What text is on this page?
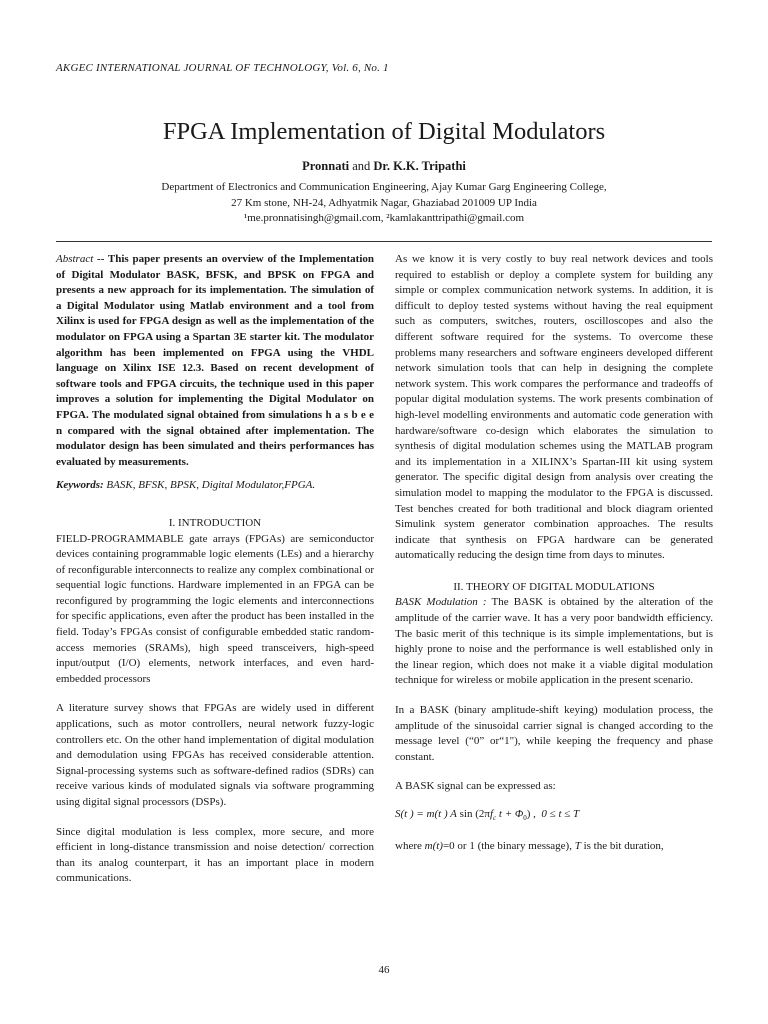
AKGEC INTERNATIONAL JOURNAL OF TECHNOLOGY, Vol. 6, No. 1
FPGA Implementation of Digital Modulators
Pronnati and Dr. K.K. Tripathi
Department of Electronics and Communication Engineering, Ajay Kumar Garg Engineering College,
27 Km stone, NH-24, Adhyatmik Nagar, Ghaziabad 201009 UP India
¹me.pronnatisingh@gmail.com, ²kamlakanttripathi@gmail.com

Abstract -- This paper presents an overview of the Implementation of Digital Modulator BASK, BFSK, and BPSK on FPGA and presents a new approach for its implementation. The simulation of a Digital Modulator using Matlab environment and a tool from Xilinx is used for FPGA design as well as the implementation of the modulator on FPGA using a Spartan 3E starter kit. The modulator algorithm has been implemented on FPGA using the VHDL language on Xilinx ISE 12.3. Based on recent development of software tools and FPGA circuits, the technique used in this paper improves a solution for implementing the Digital Modulator on FPGA. The modulated signal obtained from simulations h a s b e e n compared with the signal obtained after implementation. The modulator design has been simulated and theirs performances has evaluated by measurements.

Keywords: BASK, BFSK, BPSK, Digital Modulator,FPGA.

I. INTRODUCTION

FIELD-PROGRAMMABLE gate arrays (FPGAs) are semiconductor devices containing programmable logic elements (LEs) and a hierarchy of reconfigurable interconnects to realize any complex combinational or sequential logic functions. Hardware implemented in an FPGA can be reconfigured by programming the logic elements and interconnections for specific applications, even after the product has been installed in the field. Today’s FPGAs consist of configurable embedded static random-access memories (SRAMs), high speed transceivers, high-speed input/output (I/O) elements, network interfaces, and even hard-embedded processors

A literature survey shows that FPGAs are widely used in different applications, such as motor controllers, neural network fuzzy-logic controllers etc. On the other hand implementation of digital modulation and demodulation using FPGAs has received considerable attention. Signal-processing systems such as software-defined radios (SDRs) can receive various kinds of modulated signals via software programming using digital signal processors (DSPs).

Since digital modulation is less complex, more secure, and more efficient in long-distance transmission and noise detection/ correction than its analog counterpart, it has an important place in modern communications.

As we know it is very costly to buy real network devices and tools required to establish or deploy a complete system for building any simple or complex communication network systems. In addition, it is difficult to deploy tested systems without having the real equipment such as computers, switches, routers, oscilloscopes and also the different software required for the systems. To overcome these problems many researchers and software engineers developed different network simulation tools that can help in designing the complete network system. This work compares the performance and tradeoffs of popular digital modulation systems. The work presents combination of high-level modelling environments and automatic code generation with hardware/software co-design which elaborates the simulation to synthesis of digital modulation schemes using the MATLAB program and its implementation in a XILINX’s Spartan-III kit using system generator. The specific digital design from analysis over creating the simulation model to mapping the modulator to the FPGA is discussed. Test benches created for both traditional and block diagram oriented Simulink system generator combination approaches. The results indicate that synthesis on FPGA hardware can be generated automatically reducing the design time from days to minutes.

II. THEORY OF DIGITAL MODULATIONS

BASK Modulation : The BASK is obtained by the alteration of the amplitude of the carrier wave. It has a very poor bandwidth efficiency. The basic merit of this technique is its simple implementations, but is highly prone to noise and the performance is well established only in the linear region, which does not make it a viable digital modulation technique for wireless or mobile application in the present scenario.

In a BASK (binary amplitude-shift keying) modulation process, the amplitude of the sinusoidal carrier signal is changed according to the message level (“0” or“1"), while keeping the frequency and phase constant.

A BASK signal can be expressed as:

S(t ) = m(t ) A $\sin (2\pi f_c$ $t + \Phi_0$) , 0 ≤ t ≤ T

where m(t)=0 or 1 (the binary message), T is the bit duration,

46
